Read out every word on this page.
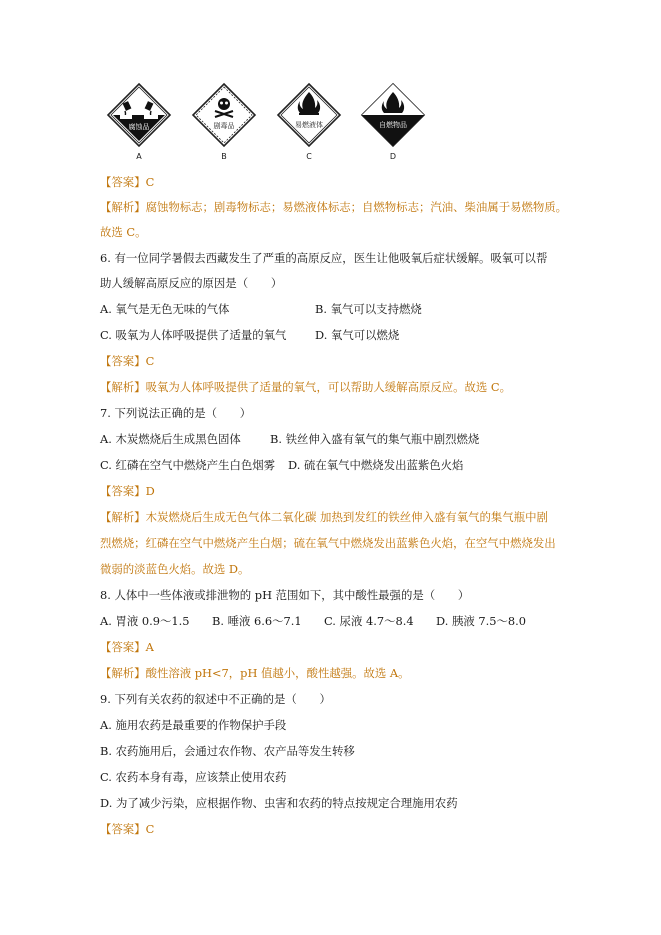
腐蚀品
A
剧毒品
B
易燃液体
C
自燃物品
D
【答案】C
【解析】腐蚀物标志；剧毒物标志；易燃液体标志；自燃物标志；汽油、柴油属于易燃物质。
故选 C。
6. 有一位同学暑假去西藏发生了严重的高原反应，医生让他吸氧后症状缓解。吸氧可以帮
助人缓解高原反应的原因是（　　）
A. 氧气是无色无味的气体	B. 氧气可以支持燃烧
C. 吸氧为人体呼吸提供了适量的氧气	D. 氧气可以燃烧
【答案】C
【解析】吸氧为人体呼吸提供了适量的氧气，可以帮助人缓解高原反应。故选 C。
7. 下列说法正确的是（　　）
A. 木炭燃烧后生成黑色固体	B. 铁丝伸入盛有氧气的集气瓶中剧烈燃烧
C. 红磷在空气中燃烧产生白色烟雾 D. 硫在氧气中燃烧发出蓝紫色火焰
【答案】D
【解析】木炭燃烧后生成无色气体二氧化碳 加热到发红的铁丝伸入盛有氧气的集气瓶中剧
烈燃烧；红磷在空气中燃烧产生白烟；硫在氧气中燃烧发出蓝紫色火焰，在空气中燃烧发出
微弱的淡蓝色火焰。故选 D。
8. 人体中一些体液或排泄物的 pH 范围如下，其中酸性最强的是（　　）
A. 胃液 0.9～1.5 B. 唾液 6.6～7.1 C. 尿液 4.7～8.4 D. 胰液 7.5～8.0
【答案】A
【解析】酸性溶液 pH<7，pH 值越小，酸性越强。故选 A。
9. 下列有关农药的叙述中不正确的是（　　）
A. 施用农药是最重要的作物保护手段
B. 农药施用后，会通过农作物、农产品等发生转移
C. 农药本身有毒，应该禁止使用农药
D. 为了减少污染，应根据作物、虫害和农药的特点按规定合理施用农药
【答案】C
